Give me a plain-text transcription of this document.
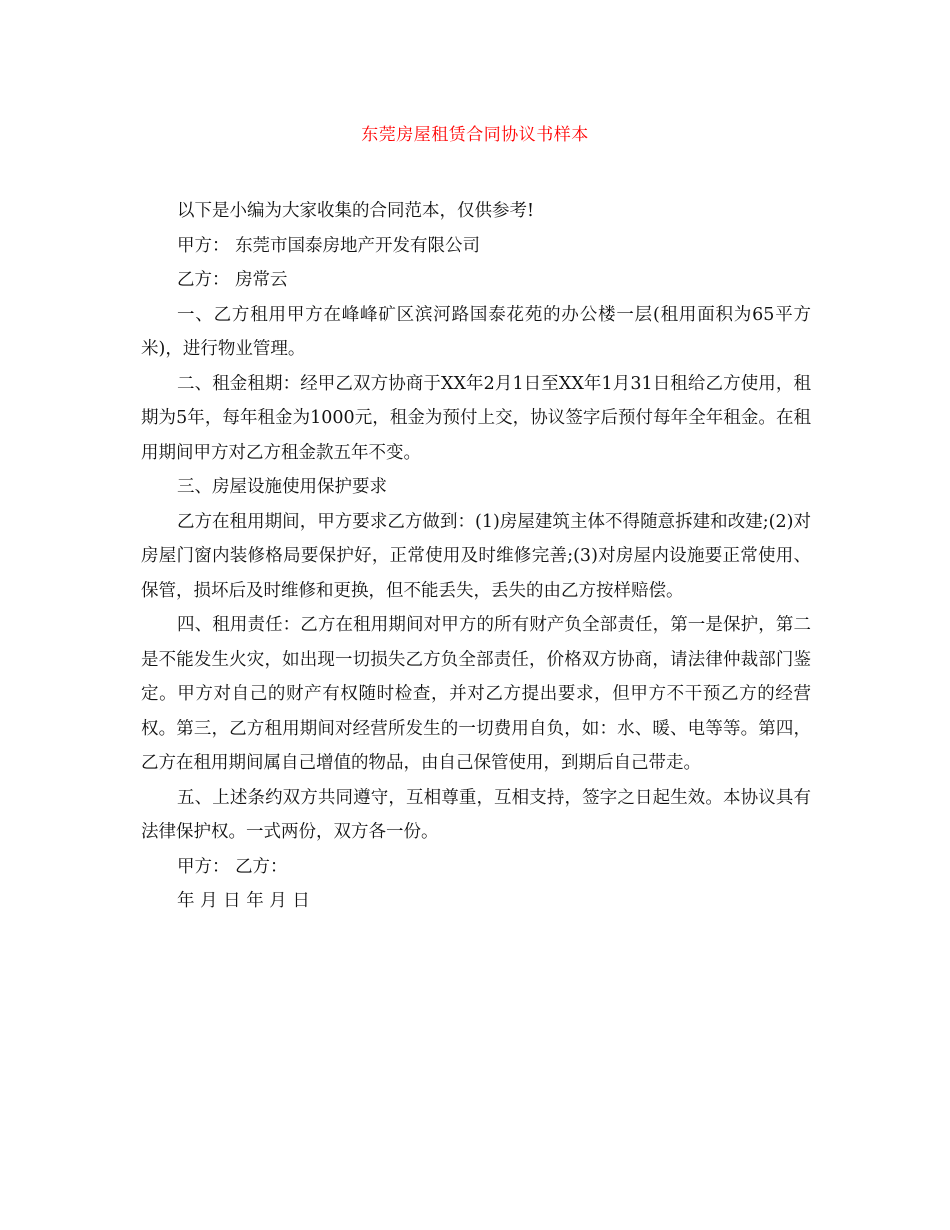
东莞房屋租赁合同协议书样本

以下是小编为大家收集的合同范本，仅供参考!

甲方： 东莞市国泰房地产开发有限公司

乙方： 房常云

一、乙方租用甲方在峰峰矿区滨河路国泰花苑的办公楼一层(租用面积为65平方米)，进行物业管理。

二、租金租期：经甲乙双方协商于XX年2月1日至XX年1月31日租给乙方使用，租期为5年，每年租金为1000元，租金为预付上交，协议签字后预付每年全年租金。在租用期间甲方对乙方租金款五年不变。

三、房屋设施使用保护要求

乙方在租用期间，甲方要求乙方做到：(1)房屋建筑主体不得随意拆建和改建;(2)对房屋门窗内装修格局要保护好，正常使用及时维修完善;(3)对房屋内设施要正常使用、保管，损坏后及时维修和更换，但不能丢失，丢失的由乙方按样赔偿。

四、租用责任：乙方在租用期间对甲方的所有财产负全部责任，第一是保护，第二是不能发生火灾，如出现一切损失乙方负全部责任，价格双方协商，请法律仲裁部门鉴定。甲方对自己的财产有权随时检查，并对乙方提出要求，但甲方不干预乙方的经营权。第三，乙方租用期间对经营所发生的一切费用自负，如：水、暖、电等等。第四，乙方在租用期间属自己增值的物品，由自己保管使用，到期后自己带走。

五、上述条约双方共同遵守，互相尊重，互相支持，签字之日起生效。本协议具有法律保护权。一式两份，双方各一份。

甲方： 乙方：

年 月 日 年 月 日
